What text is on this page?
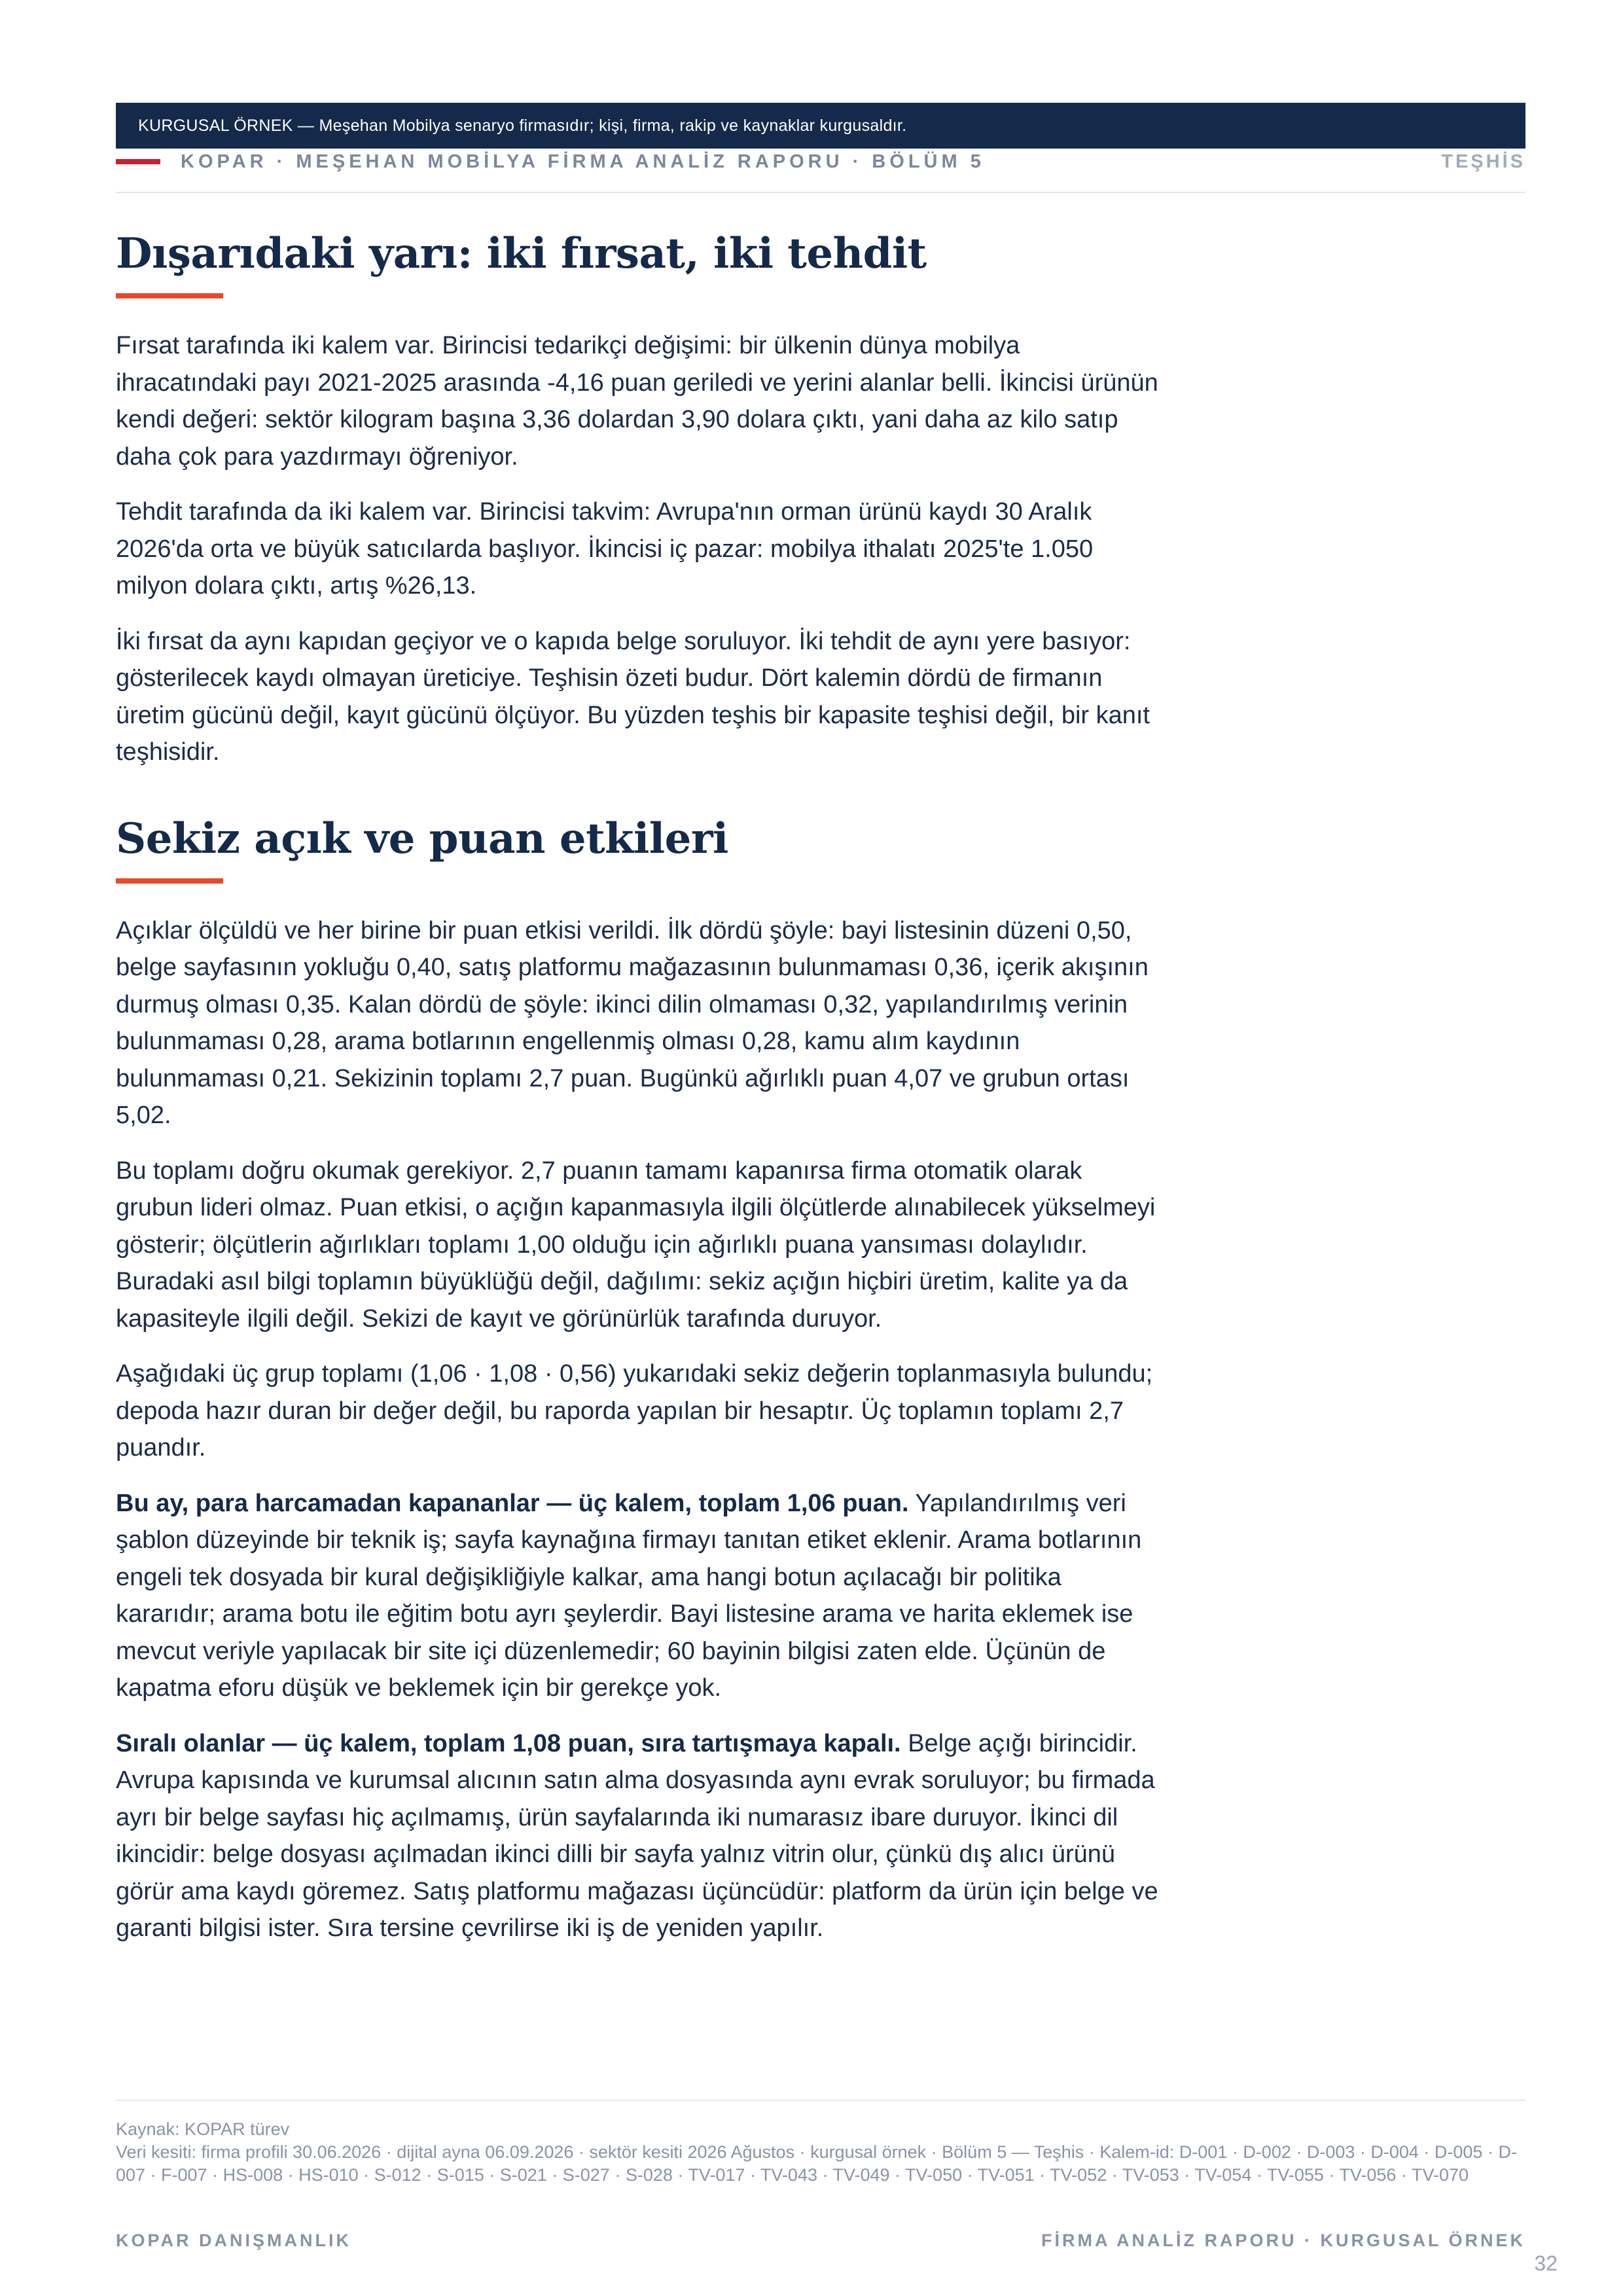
KURGUSAL ÖRNEK — Meşehan Mobilya senaryo firmasıdır; kişi, firma, rakip ve kaynaklar kurgusaldır.
KOPAR · MEŞEHAN MOBİLYA FİRMA ANALİZ RAPORU · BÖLÜM 5	TEŞHİS
Dışarıdaki yarı: iki fırsat, iki tehdit

Fırsat tarafında iki kalem var. Birincisi tedarikçi değişimi: bir ülkenin dünya mobilya ihracatındaki payı 2021-2025 arasında -4,16 puan geriledi ve yerini alanlar belli. İkincisi ürünün kendi değeri: sektör kilogram başına 3,36 dolardan 3,90 dolara çıktı, yani daha az kilo satıp daha çok para yazdırmayı öğreniyor.

Tehdit tarafında da iki kalem var. Birincisi takvim: Avrupa'nın orman ürünü kaydı 30 Aralık 2026'da orta ve büyük satıcılarda başlıyor. İkincisi iç pazar: mobilya ithalatı 2025'te 1.050 milyon dolara çıktı, artış %26,13.

İki fırsat da aynı kapıdan geçiyor ve o kapıda belge soruluyor. İki tehdit de aynı yere basıyor: gösterilecek kaydı olmayan üreticiye. Teşhisin özeti budur. Dört kalemin dördü de firmanın üretim gücünü değil, kayıt gücünü ölçüyor. Bu yüzden teşhis bir kapasite teşhisi değil, bir kanıt teşhisidir.

Sekiz açık ve puan etkileri

Açıklar ölçüldü ve her birine bir puan etkisi verildi. İlk dördü şöyle: bayi listesinin düzeni 0,50, belge sayfasının yokluğu 0,40, satış platformu mağazasının bulunmaması 0,36, içerik akışının durmuş olması 0,35. Kalan dördü de şöyle: ikinci dilin olmaması 0,32, yapılandırılmış verinin bulunmaması 0,28, arama botlarının engellenmiş olması 0,28, kamu alım kaydının bulunmaması 0,21. Sekizinin toplamı 2,7 puan. Bugünkü ağırlıklı puan 4,07 ve grubun ortası 5,02.

Bu toplamı doğru okumak gerekiyor. 2,7 puanın tamamı kapanırsa firma otomatik olarak grubun lideri olmaz. Puan etkisi, o açığın kapanmasıyla ilgili ölçütlerde alınabilecek yükselmeyi gösterir; ölçütlerin ağırlıkları toplamı 1,00 olduğu için ağırlıklı puana yansıması dolaylıdır. Buradaki asıl bilgi toplamın büyüklüğü değil, dağılımı: sekiz açığın hiçbiri üretim, kalite ya da kapasiteyle ilgili değil. Sekizi de kayıt ve görünürlük tarafında duruyor.

Aşağıdaki üç grup toplamı (1,06 · 1,08 · 0,56) yukarıdaki sekiz değerin toplanmasıyla bulundu; depoda hazır duran bir değer değil, bu raporda yapılan bir hesaptır. Üç toplamın toplamı 2,7 puandır.

Bu ay, para harcamadan kapananlar — üç kalem, toplam 1,06 puan. Yapılandırılmış veri şablon düzeyinde bir teknik iş; sayfa kaynağına firmayı tanıtan etiket eklenir. Arama botlarının engeli tek dosyada bir kural değişikliğiyle kalkar, ama hangi botun açılacağı bir politika kararıdır; arama botu ile eğitim botu ayrı şeylerdir. Bayi listesine arama ve harita eklemek ise mevcut veriyle yapılacak bir site içi düzenlemedir; 60 bayinin bilgisi zaten elde. Üçünün de kapatma eforu düşük ve beklemek için bir gerekçe yok.

Sıralı olanlar — üç kalem, toplam 1,08 puan, sıra tartışmaya kapalı. Belge açığı birincidir. Avrupa kapısında ve kurumsal alıcının satın alma dosyasında aynı evrak soruluyor; bu firmada ayrı bir belge sayfası hiç açılmamış, ürün sayfalarında iki numarasız ibare duruyor. İkinci dil ikincidir: belge dosyası açılmadan ikinci dilli bir sayfa yalnız vitrin olur, çünkü dış alıcı ürünü görür ama kaydı göremez. Satış platformu mağazası üçüncüdür: platform da ürün için belge ve garanti bilgisi ister. Sıra tersine çevrilirse iki iş de yeniden yapılır.

Kaynak: KOPAR türev
Veri kesiti: firma profili 30.06.2026 · dijital ayna 06.09.2026 · sektör kesiti 2026 Ağustos · kurgusal örnek · Bölüm 5 — Teşhis · Kalem-id: D-001 · D-002 · D-003 · D-004 · D-005 · D-007 · F-007 · HS-008 · HS-010 · S-012 · S-015 · S-021 · S-027 · S-028 · TV-017 · TV-043 · TV-049 · TV-050 · TV-051 · TV-052 · TV-053 · TV-054 · TV-055 · TV-056 · TV-070
KOPAR DANIŞMANLIK	FİRMA ANALİZ RAPORU · KURGUSAL ÖRNEK
32
